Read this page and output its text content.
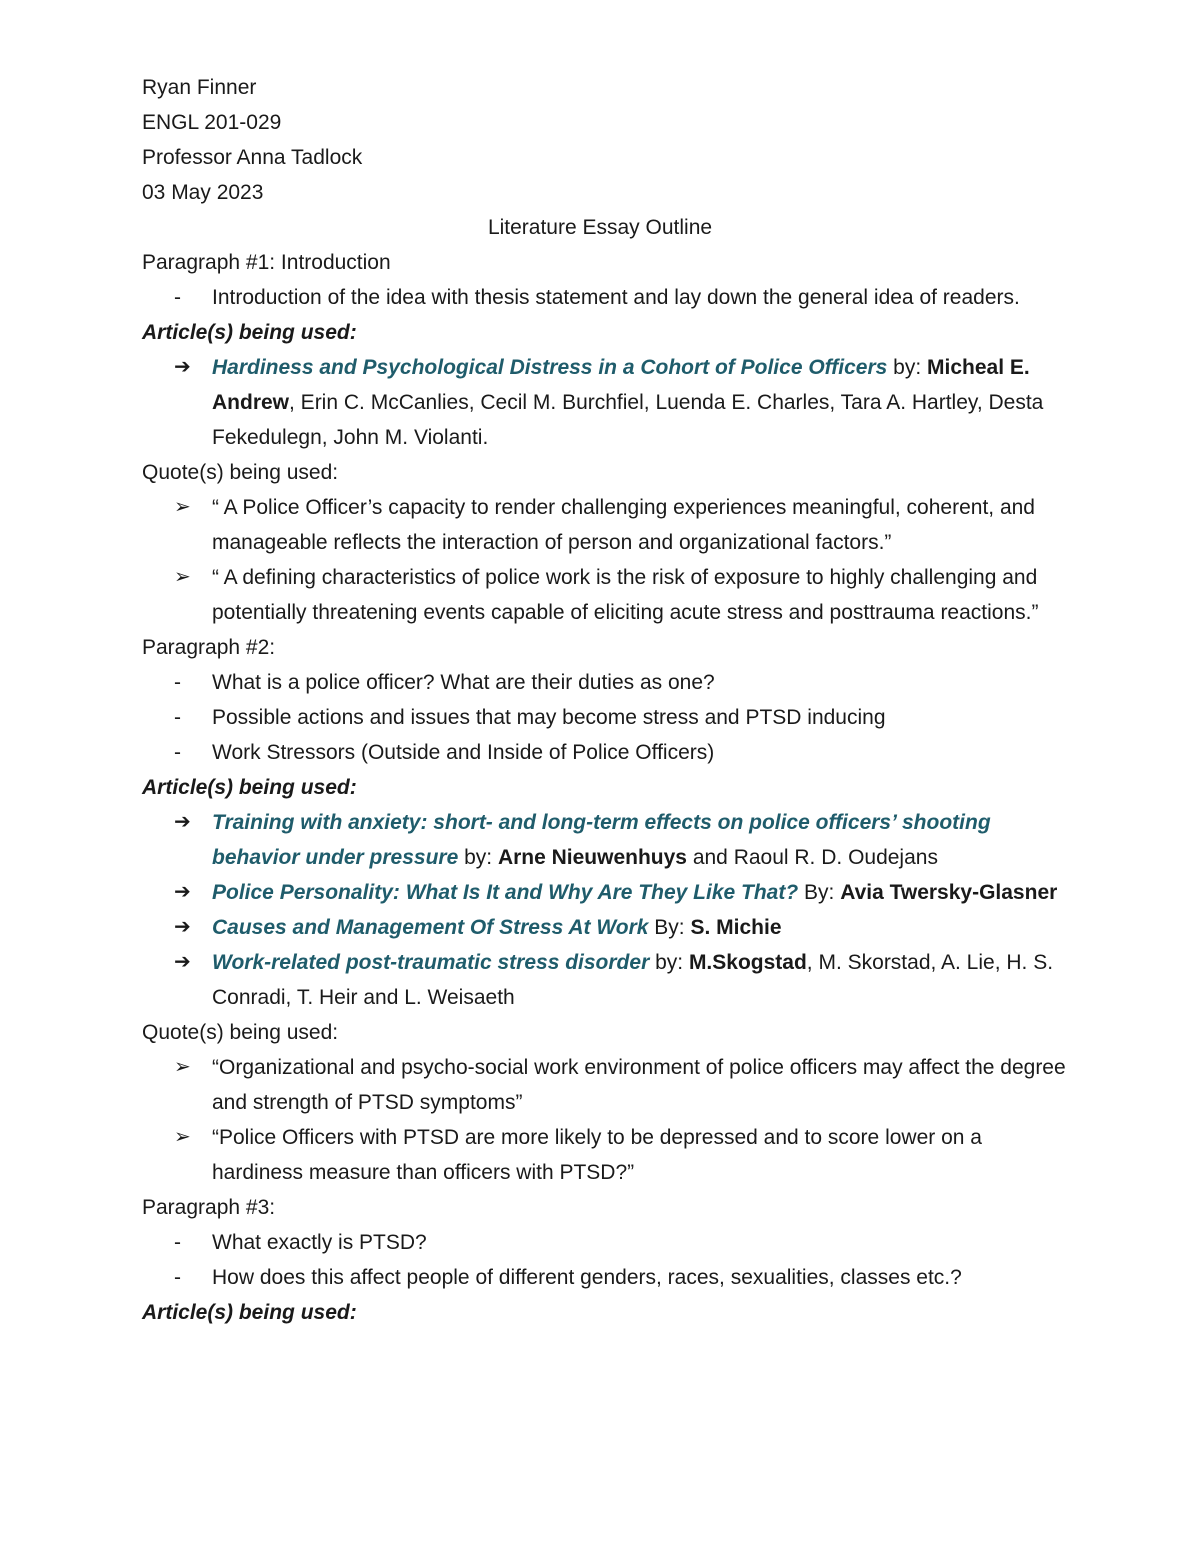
Ryan Finner

ENGL 201-029

Professor Anna Tadlock

03 May 2023

Literature Essay Outline

Paragraph #1: Introduction

- Introduction of the idea with thesis statement and lay down the general idea of readers.

Article(s) being used:

➔ Hardiness and Psychological Distress in a Cohort of Police Officers by: Micheal E. Andrew, Erin C. McCanlies, Cecil M. Burchfiel, Luenda E. Charles, Tara A. Hartley, Desta Fekedulegn, John M. Violanti.

Quote(s) being used:

➢ “ A Police Officer’s capacity to render challenging experiences meaningful, coherent, and manageable reflects the interaction of person and organizational factors.”
➢ “ A defining characteristics of police work is the risk of exposure to highly challenging and potentially threatening events capable of eliciting acute stress and posttrauma reactions.”

Paragraph #2:

- What is a police officer? What are their duties as one?
- Possible actions and issues that may become stress and PTSD inducing
- Work Stressors (Outside and Inside of Police Officers)

Article(s) being used:

➔ Training with anxiety: short- and long-term effects on police officers’ shooting behavior under pressure by: Arne Nieuwenhuys and Raoul R. D. Oudejans
➔ Police Personality: What Is It and Why Are They Like That? By: Avia Twersky-Glasner
➔ Causes and Management Of Stress At Work By: S. Michie
➔ Work-related post-traumatic stress disorder by: M.Skogstad, M. Skorstad, A. Lie, H. S. Conradi, T. Heir and L. Weisaeth

Quote(s) being used:

➢ “Organizational and psycho-social work environment of police officers may affect the degree and strength of PTSD symptoms”
➢ “Police Officers with PTSD are more likely to be depressed and to score lower on a hardiness measure than officers with PTSD?”

Paragraph #3:

- What exactly is PTSD?
- How does this affect people of different genders, races, sexualities, classes etc.?

Article(s) being used:
